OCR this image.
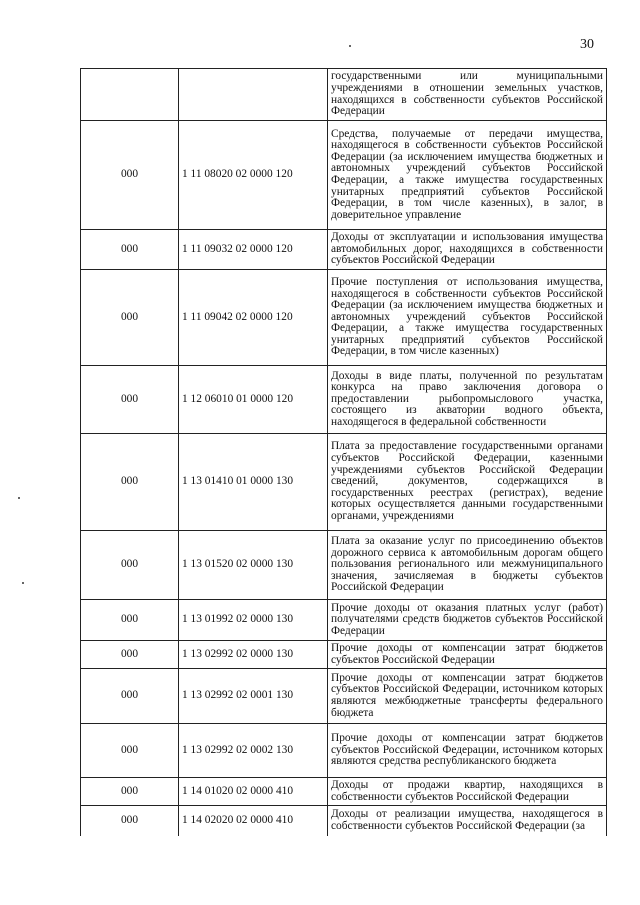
30
		государственными или муниципальными учреждениями в отношении земельных участков, находящихся в собственности субъектов Российской Федерации
000	1 11 08020 02 0000 120	Средства, получаемые от передачи имущества, находящегося в собственности субъектов Российской Федерации (за исключением имущества бюджетных и автономных учреждений субъектов Российской Федерации, а также имущества государственных унитарных предприятий субъектов Российской Федерации, в том числе казенных), в залог, в доверительное управление
000	1 11 09032 02 0000 120	Доходы от эксплуатации и использования имущества автомобильных дорог, находящихся в собственности субъектов Российской Федерации
000	1 11 09042 02 0000 120	Прочие поступления от использования имущества, находящегося в собственности субъектов Российской Федерации (за исключением имущества бюджетных и автономных учреждений субъектов Российской Федерации, а также имущества государственных унитарных предприятий субъектов Российской Федерации, в том числе казенных)
000	1 12 06010 01 0000 120	Доходы в виде платы, полученной по результатам конкурса на право заключения договора о предоставлении рыбопромыслового участка, состоящего из акватории водного объекта, находящегося в федеральной собственности
000	1 13 01410 01 0000 130	Плата за предоставление государственными органами субъектов Российской Федерации, казенными учреждениями субъектов Российской Федерации сведений, документов, содержащихся в государственных реестрах (регистрах), ведение которых осуществляется данными государственными органами, учреждениями
000	1 13 01520 02 0000 130	Плата за оказание услуг по присоединению объектов дорожного сервиса к автомобильным дорогам общего пользования регионального или межмуниципального значения, зачисляемая в бюджеты субъектов Российской Федерации
000	1 13 01992 02 0000 130	Прочие доходы от оказания платных услуг (работ) получателями средств бюджетов субъектов Российской Федерации
000	1 13 02992 02 0000 130	Прочие доходы от компенсации затрат бюджетов субъектов Российской Федерации
000	1 13 02992 02 0001 130	Прочие доходы от компенсации затрат бюджетов субъектов Российской Федерации, источником которых являются межбюджетные трансферты федерального бюджета
000	1 13 02992 02 0002 130	Прочие доходы от компенсации затрат бюджетов субъектов Российской Федерации, источником которых являются средства республиканского бюджета
000	1 14 01020 02 0000 410	Доходы от продажи квартир, находящихся в собственности субъектов Российской Федерации
000	1 14 02020 02 0000 410	Доходы от реализации имущества, находящегося в собственности субъектов Российской Федерации (за
